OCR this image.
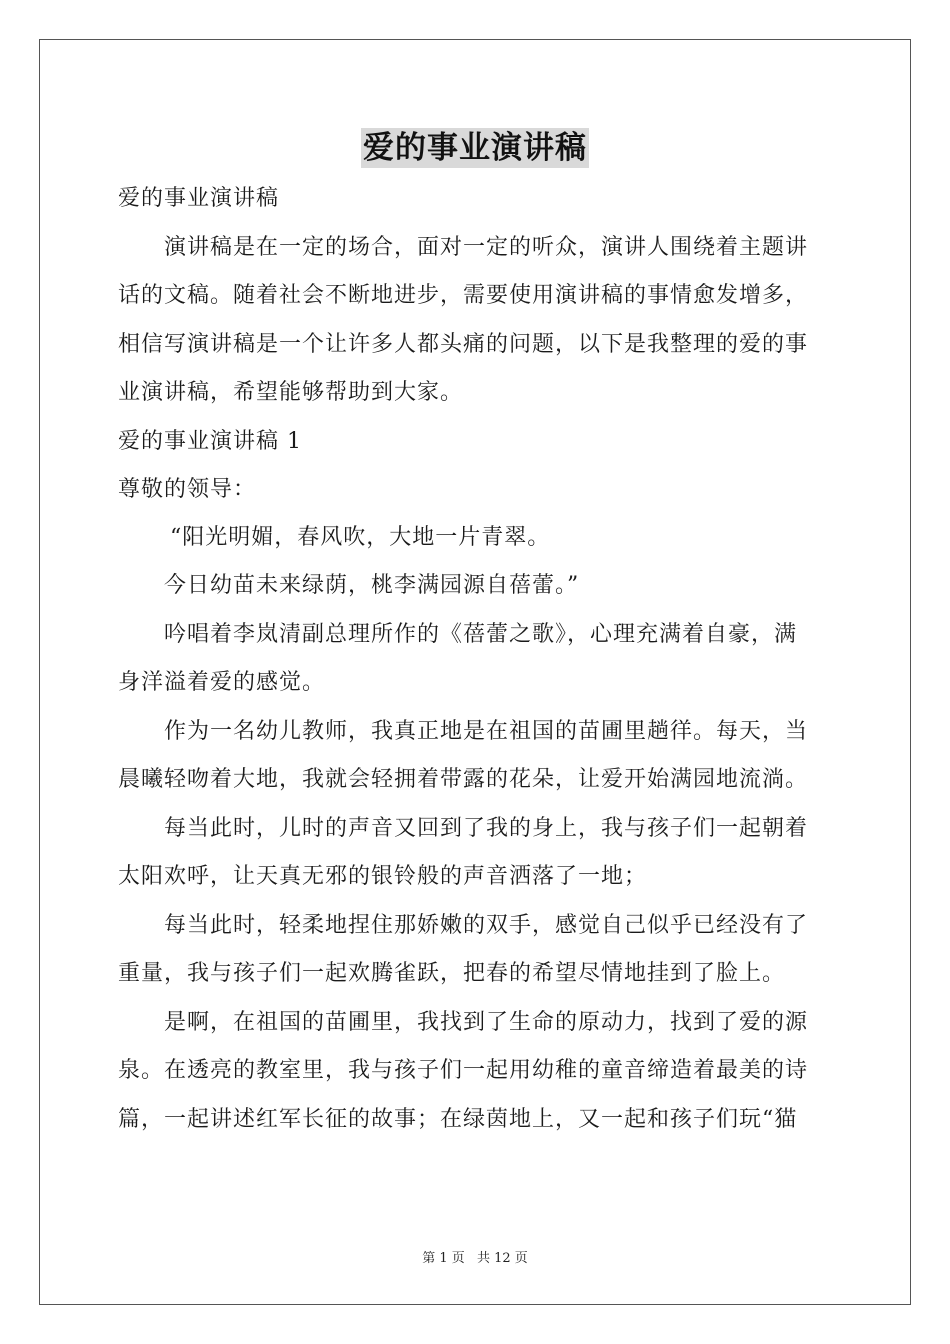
爱的事业演讲稿

爱的事业演讲稿

演讲稿是在一定的场合，面对一定的听众，演讲人围绕着主题讲

话的文稿。随着社会不断地进步，需要使用演讲稿的事情愈发增多，

相信写演讲稿是一个让许多人都头痛的问题，以下是我整理的爱的事

业演讲稿，希望能够帮助到大家。

爱的事业演讲稿 1

尊敬的领导：

“阳光明媚，春风吹，大地一片青翠。

今日幼苗未来绿荫，桃李满园源自蓓蕾。”

吟唱着李岚清副总理所作的《蓓蕾之歌》，心理充满着自豪，满

身洋溢着爱的感觉。

作为一名幼儿教师，我真正地是在祖国的苗圃里趟徉。每天，当

晨曦轻吻着大地，我就会轻拥着带露的花朵，让爱开始满园地流淌。

每当此时，儿时的声音又回到了我的身上，我与孩子们一起朝着

太阳欢呼，让天真无邪的银铃般的声音洒落了一地；

每当此时，轻柔地捏住那娇嫩的双手，感觉自己似乎已经没有了

重量，我与孩子们一起欢腾雀跃，把春的希望尽情地挂到了脸上。

是啊，在祖国的苗圃里，我找到了生命的原动力，找到了爱的源

泉。在透亮的教室里，我与孩子们一起用幼稚的童音缔造着最美的诗

篇，一起讲述红军长征的故事；在绿茵地上，又一起和孩子们玩“猫

第 1 页 共 12 页
